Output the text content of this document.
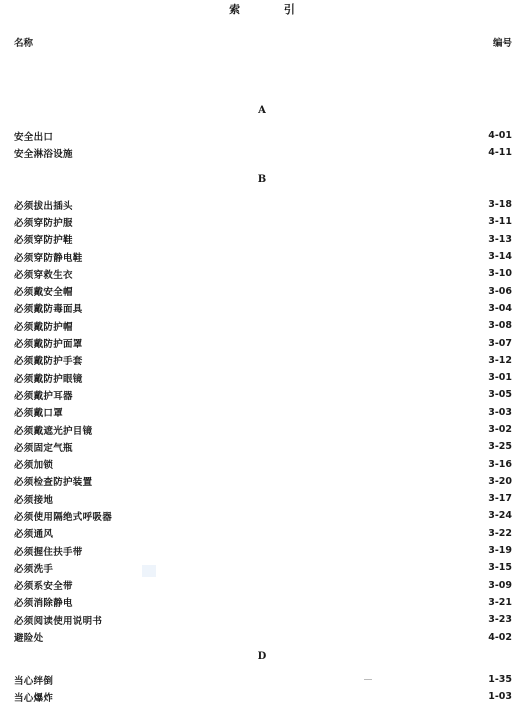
索 引
名称	编号
A
安全出口	4-01
安全淋浴设施	4-11
B
必须拔出插头	3-18
必须穿防护服	3-11
必须穿防护鞋	3-13
必须穿防静电鞋	3-14
必须穿救生衣	3-10
必须戴安全帽	3-06
必须戴防毒面具	3-04
必须戴防护帽	3-08
必须戴防护面罩	3-07
必须戴防护手套	3-12
必须戴防护眼镜	3-01
必须戴护耳器	3-05
必须戴口罩	3-03
必须戴遮光护目镜	3-02
必须固定气瓶	3-25
必须加锁	3-16
必须检查防护装置	3-20
必须接地	3-17
必须使用隔绝式呼吸器	3-24
必须通风	3-22
必须握住扶手带	3-19
必须洗手	3-15
必须系安全带	3-09
必须消除静电	3-21
必须阅读使用说明书	3-23
避险处	4-02
D
当心绊倒	1-35
当心爆炸	1-03
